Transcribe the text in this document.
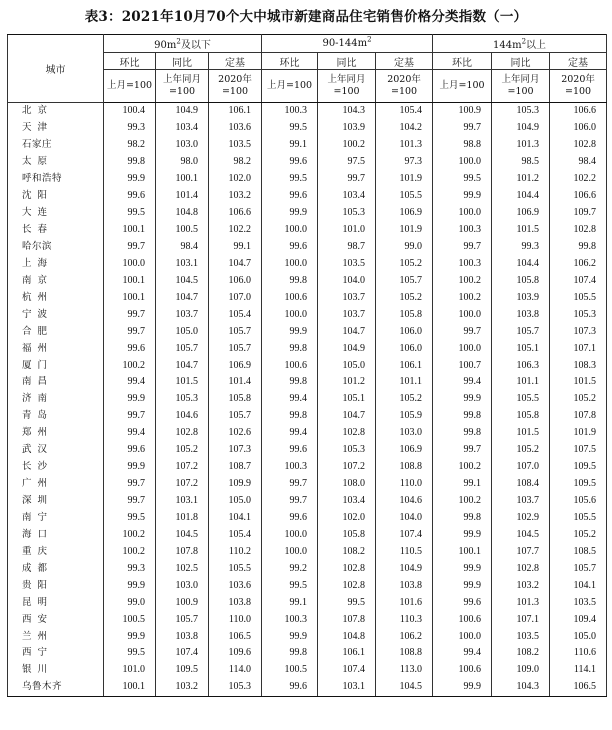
表3：2021年10月70个大中城市新建商品住宅销售价格分类指数（一）
城市	$90m^2$及以下			$90-144m^2$			$144m^2$以上		
	环比	同比	定基	环比	同比	定基	环比	同比	定基
	上月=100	上年同月=100	2020年=100	上月=100	上年同月=100	2020年=100	上月=100	上年同月=100	2020年=100
北京	100.4	104.9	106.1	100.3	104.3	105.4	100.9	105.3	106.6
天津	99.3	103.4	103.6	99.5	103.9	104.2	99.7	104.9	106.0
石家庄	98.2	103.0	103.5	99.1	100.2	101.3	98.8	101.3	102.8
太原	99.8	98.0	98.2	99.6	97.5	97.3	100.0	98.5	98.4
呼和浩特	99.9	100.1	102.0	99.5	99.7	101.9	99.5	101.2	102.2
沈阳	99.6	101.4	103.2	99.6	103.4	105.5	99.9	104.4	106.6
大连	99.5	104.8	106.6	99.9	105.3	106.9	100.0	106.9	109.7
长春	100.1	100.5	102.2	100.0	101.0	101.9	100.3	101.5	102.8
哈尔滨	99.7	98.4	99.1	99.6	98.7	99.0	99.7	99.3	99.8
上海	100.0	103.1	104.7	100.0	103.5	105.2	100.3	104.4	106.2
南京	100.1	104.5	106.0	99.8	104.0	105.7	100.2	105.8	107.4
杭州	100.1	104.7	107.0	100.6	103.7	105.2	100.2	103.9	105.5
宁波	99.7	103.7	105.4	100.0	103.7	105.8	100.0	103.8	105.3
合肥	99.7	105.0	105.7	99.9	104.7	106.0	99.7	105.7	107.3
福州	99.6	105.7	105.7	99.8	104.9	106.0	100.0	105.1	107.1
厦门	100.2	104.7	106.9	100.6	105.0	106.1	100.7	106.3	108.3
南昌	99.4	101.5	101.4	99.8	101.2	101.1	99.4	101.1	101.5
济南	99.9	105.3	105.8	99.4	105.1	105.2	99.9	105.5	105.2
青岛	99.7	104.6	105.7	99.8	104.7	105.9	99.8	105.8	107.8
郑州	99.4	102.8	102.6	99.4	102.8	103.0	99.8	101.5	101.9
武汉	99.6	105.2	107.3	99.6	105.3	106.9	99.7	105.2	107.5
长沙	99.9	107.2	108.7	100.3	107.2	108.8	100.2	107.0	109.5
广州	99.7	107.2	109.9	99.7	108.0	110.0	99.1	108.4	109.5
深圳	99.7	103.1	105.0	99.7	103.4	104.6	100.2	103.7	105.6
南宁	99.5	101.8	104.1	99.6	102.0	104.0	99.8	102.9	105.5
海口	100.2	104.5	105.4	100.0	105.8	107.4	99.9	104.5	105.2
重庆	100.2	107.8	110.2	100.0	108.2	110.5	100.1	107.7	108.5
成都	99.3	102.5	105.5	99.2	102.8	104.9	99.9	102.8	105.7
贵阳	99.9	103.0	103.6	99.5	102.8	103.8	99.9	103.2	104.1
昆明	99.0	100.9	103.8	99.1	99.5	101.6	99.6	101.3	103.5
西安	100.5	105.7	110.0	100.3	107.8	110.3	100.6	107.1	109.4
兰州	99.9	103.8	106.5	99.9	104.8	106.2	100.0	103.5	105.0
西宁	99.5	107.4	109.6	99.8	106.1	108.8	99.4	108.2	110.6
银川	101.0	109.5	114.0	100.5	107.4	113.0	100.6	109.0	114.1
乌鲁木齐	100.1	103.2	105.3	99.6	103.1	104.5	99.9	104.3	106.5
